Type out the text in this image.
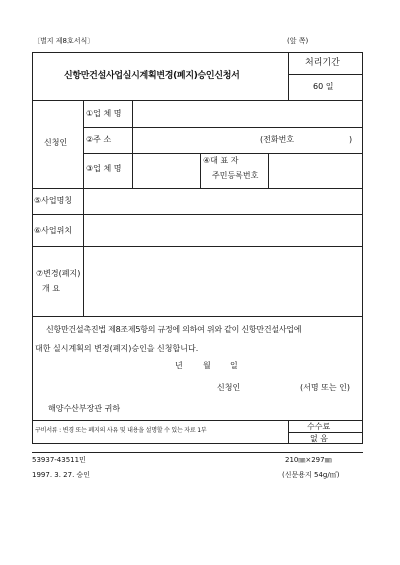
〔별지 제8호서식〕	(앞 쪽)
신항만건설사업실시계획변경(폐지)승인신청서
처리기간
60 일
신청인
①업 체 명
②주 소	(전화번호	)
③업 체 명
④대 표 자
주민등록번호
⑤사업명칭
⑥사업위치
⑦변경(폐지)
개 요
신항만건설촉진법 제8조제5항의 규정에 의하여 위와 같이 신항만건설사업에
대한 실시계획의 변경(폐지)승인을 신청합니다.
년	월 일
신청인	(서명 또는 인)
해양수산부장관 귀하
구비서류 : 변경 또는 폐지의 사유 및 내용을 설명할 수 있는 자료 1부	수수료
없 음
53937-43511민	210㎜×297㎜
1997. 3. 27. 승인	(신문용지 54g/㎡)
